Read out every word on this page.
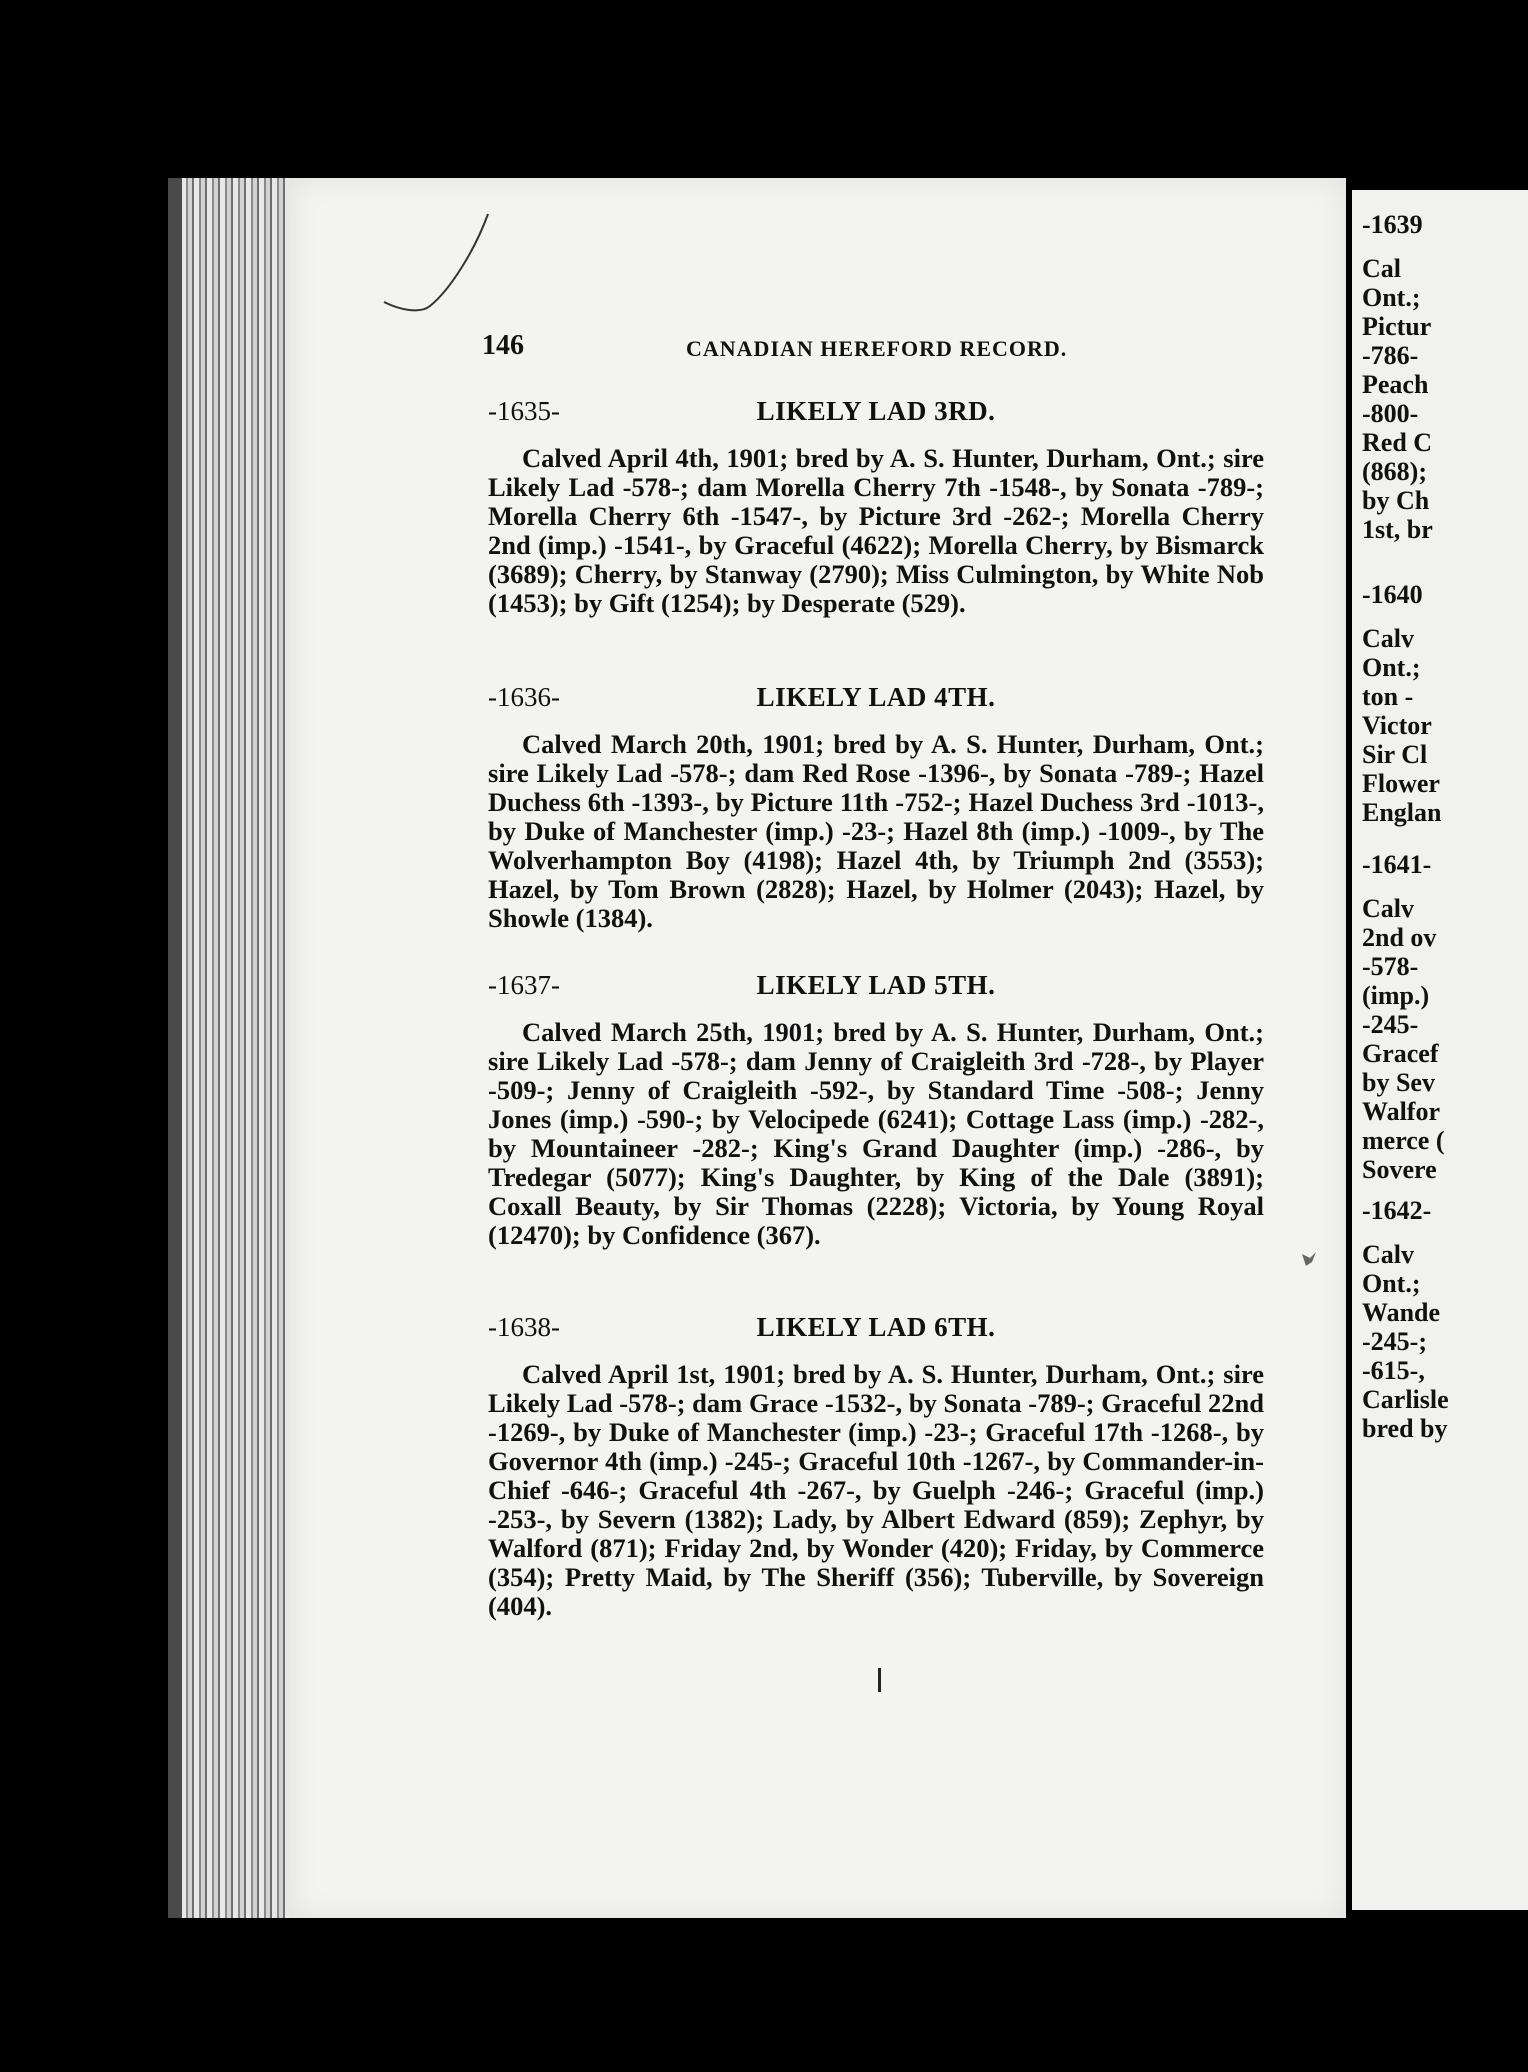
146	CANADIAN HEREFORD RECORD.
-1635-	LIKELY LAD 3RD.
Calved April 4th, 1901; bred by A. S. Hunter, Durham, Ont.; sire Likely Lad -578-; dam Morella Cherry 7th -1548-, by Sonata -789-; Morella Cherry 6th -1547-, by Picture 3rd -262-; Morella Cherry 2nd (imp.) -1541-, by Graceful (4622); Morella Cherry, by Bismarck (3689); Cherry, by Stanway (2790); Miss Culmington, by White Nob (1453); by Gift (1254); by Desperate (529).
-1636-	LIKELY LAD 4TH.
Calved March 20th, 1901; bred by A. S. Hunter, Durham, Ont.; sire Likely Lad -578-; dam Red Rose -1396-, by Sonata -789-; Hazel Duchess 6th -1393-, by Picture 11th -752-; Hazel Duchess 3rd -1013-, by Duke of Manchester (imp.) -23-; Hazel 8th (imp.) -1009-, by The Wolverhampton Boy (4198); Hazel 4th, by Triumph 2nd (3553); Hazel, by Tom Brown (2828); Hazel, by Holmer (2043); Hazel, by Showle (1384).
-1637-	LIKELY LAD 5TH.
Calved March 25th, 1901; bred by A. S. Hunter, Durham, Ont.; sire Likely Lad -578-; dam Jenny of Craigleith 3rd -728-, by Player -509-; Jenny of Craigleith -592-, by Standard Time -508-; Jenny Jones (imp.) -590-; by Velocipede (6241); Cottage Lass (imp.) -282-, by Mountaineer -282-; King's Grand Daughter (imp.) -286-, by Tredegar (5077); King's Daughter, by King of the Dale (3891); Coxall Beauty, by Sir Thomas (2228); Victoria, by Young Royal (12470); by Confidence (367).
-1638-	LIKELY LAD 6TH.
Calved April 1st, 1901; bred by A. S. Hunter, Durham, Ont.; sire Likely Lad -578-; dam Grace -1532-, by Sonata -789-; Graceful 22nd -1269-, by Duke of Manchester (imp.) -23-; Graceful 17th -1268-, by Governor 4th (imp.) -245-; Graceful 10th -1267-, by Commander-in-Chief -646-; Graceful 4th -267-, by Guelph -246-; Graceful (imp.) -253-, by Severn (1382); Lady, by Albert Edward (859); Zephyr, by Walford (871); Friday 2nd, by Wonder (420); Friday, by Commerce (354); Pretty Maid, by The Sheriff (356); Tuberville, by Sovereign (404).
-1639
Cal
Ont.;
Pictur
-786-
Peach
-800-
Red C
(868);
by Ch
1st, br
-1640
Calv
Ont.;
ton -
Victor
Sir Cl
Flower
Englan
-1641-
Calv
2nd ov
-578-
(imp.)
-245-
Gracef
by Sev
Walfor
merce (
Sovere
-1642-
Calv
Ont.;
Wande
-245-;
-615-,
Carlisle
bred by
